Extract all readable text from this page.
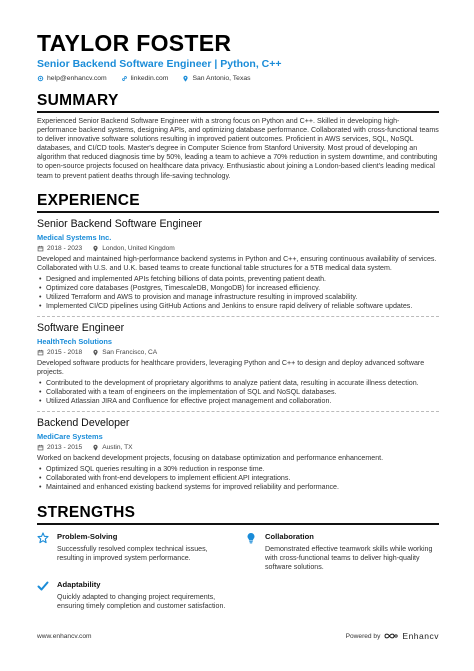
TAYLOR FOSTER
Senior Backend Software Engineer | Python, C++
help@enhancv.com	linkedin.com	San Antonio, Texas
SUMMARY
Experienced Senior Backend Software Engineer with a strong focus on Python and C++. Skilled in developing high-performance backend systems, designing APIs, and optimizing database performance. Collaborated with cross-functional teams to deliver innovative software solutions resulting in improved patient outcomes. Proficient in AWS services, SQL, NoSQL databases, and CI/CD tools. Master's degree in Computer Science from Stanford University. Most proud of developing an algorithm that reduced diagnosis time by 50%, leading a team to achieve a 70% reduction in system downtime, and contributing to open-source projects focused on healthcare data privacy. Enthusiastic about joining a London-based client's leading medical team to prevent patient deaths through life-saving technology.
EXPERIENCE
Senior Backend Software Engineer
Medical Systems Inc.
2018 - 2023	London, United Kingdom
Developed and maintained high-performance backend systems in Python and C++, ensuring continuous availability of services. Collaborated with U.S. and U.K. based teams to create functional table structures for a 5TB medical data system.
• Designed and implemented APIs fetching billions of data points, preventing patient death.
• Optimized core databases (Postgres, TimescaleDB, MongoDB) for increased efficiency.
• Utilized Terraform and AWS to provision and manage infrastructure resulting in improved scalability.
• Implemented CI/CD pipelines using GitHub Actions and Jenkins to ensure rapid delivery of reliable software updates.
Software Engineer
HealthTech Solutions
2015 - 2018	San Francisco, CA
Developed software products for healthcare providers, leveraging Python and C++ to design and deploy advanced software projects.
• Contributed to the development of proprietary algorithms to analyze patient data, resulting in accurate illness detection.
• Collaborated with a team of engineers on the implementation of SQL and NoSQL databases.
• Utilized Atlassian JIRA and Confluence for effective project management and collaboration.
Backend Developer
MediCare Systems
2013 - 2015	Austin, TX
Worked on backend development projects, focusing on database optimization and performance enhancement.
• Optimized SQL queries resulting in a 30% reduction in response time.
• Collaborated with front-end developers to implement efficient API integrations.
• Maintained and enhanced existing backend systems for improved reliability and performance.
STRENGTHS
Problem-Solving
Successfully resolved complex technical issues, resulting in improved system performance.
Collaboration
Demonstrated effective teamwork skills while working with cross-functional teams to deliver high-quality software solutions.
Adaptability
Quickly adapted to changing project requirements, ensuring timely completion and customer satisfaction.
www.enhancv.com	Powered by	Enhancv
